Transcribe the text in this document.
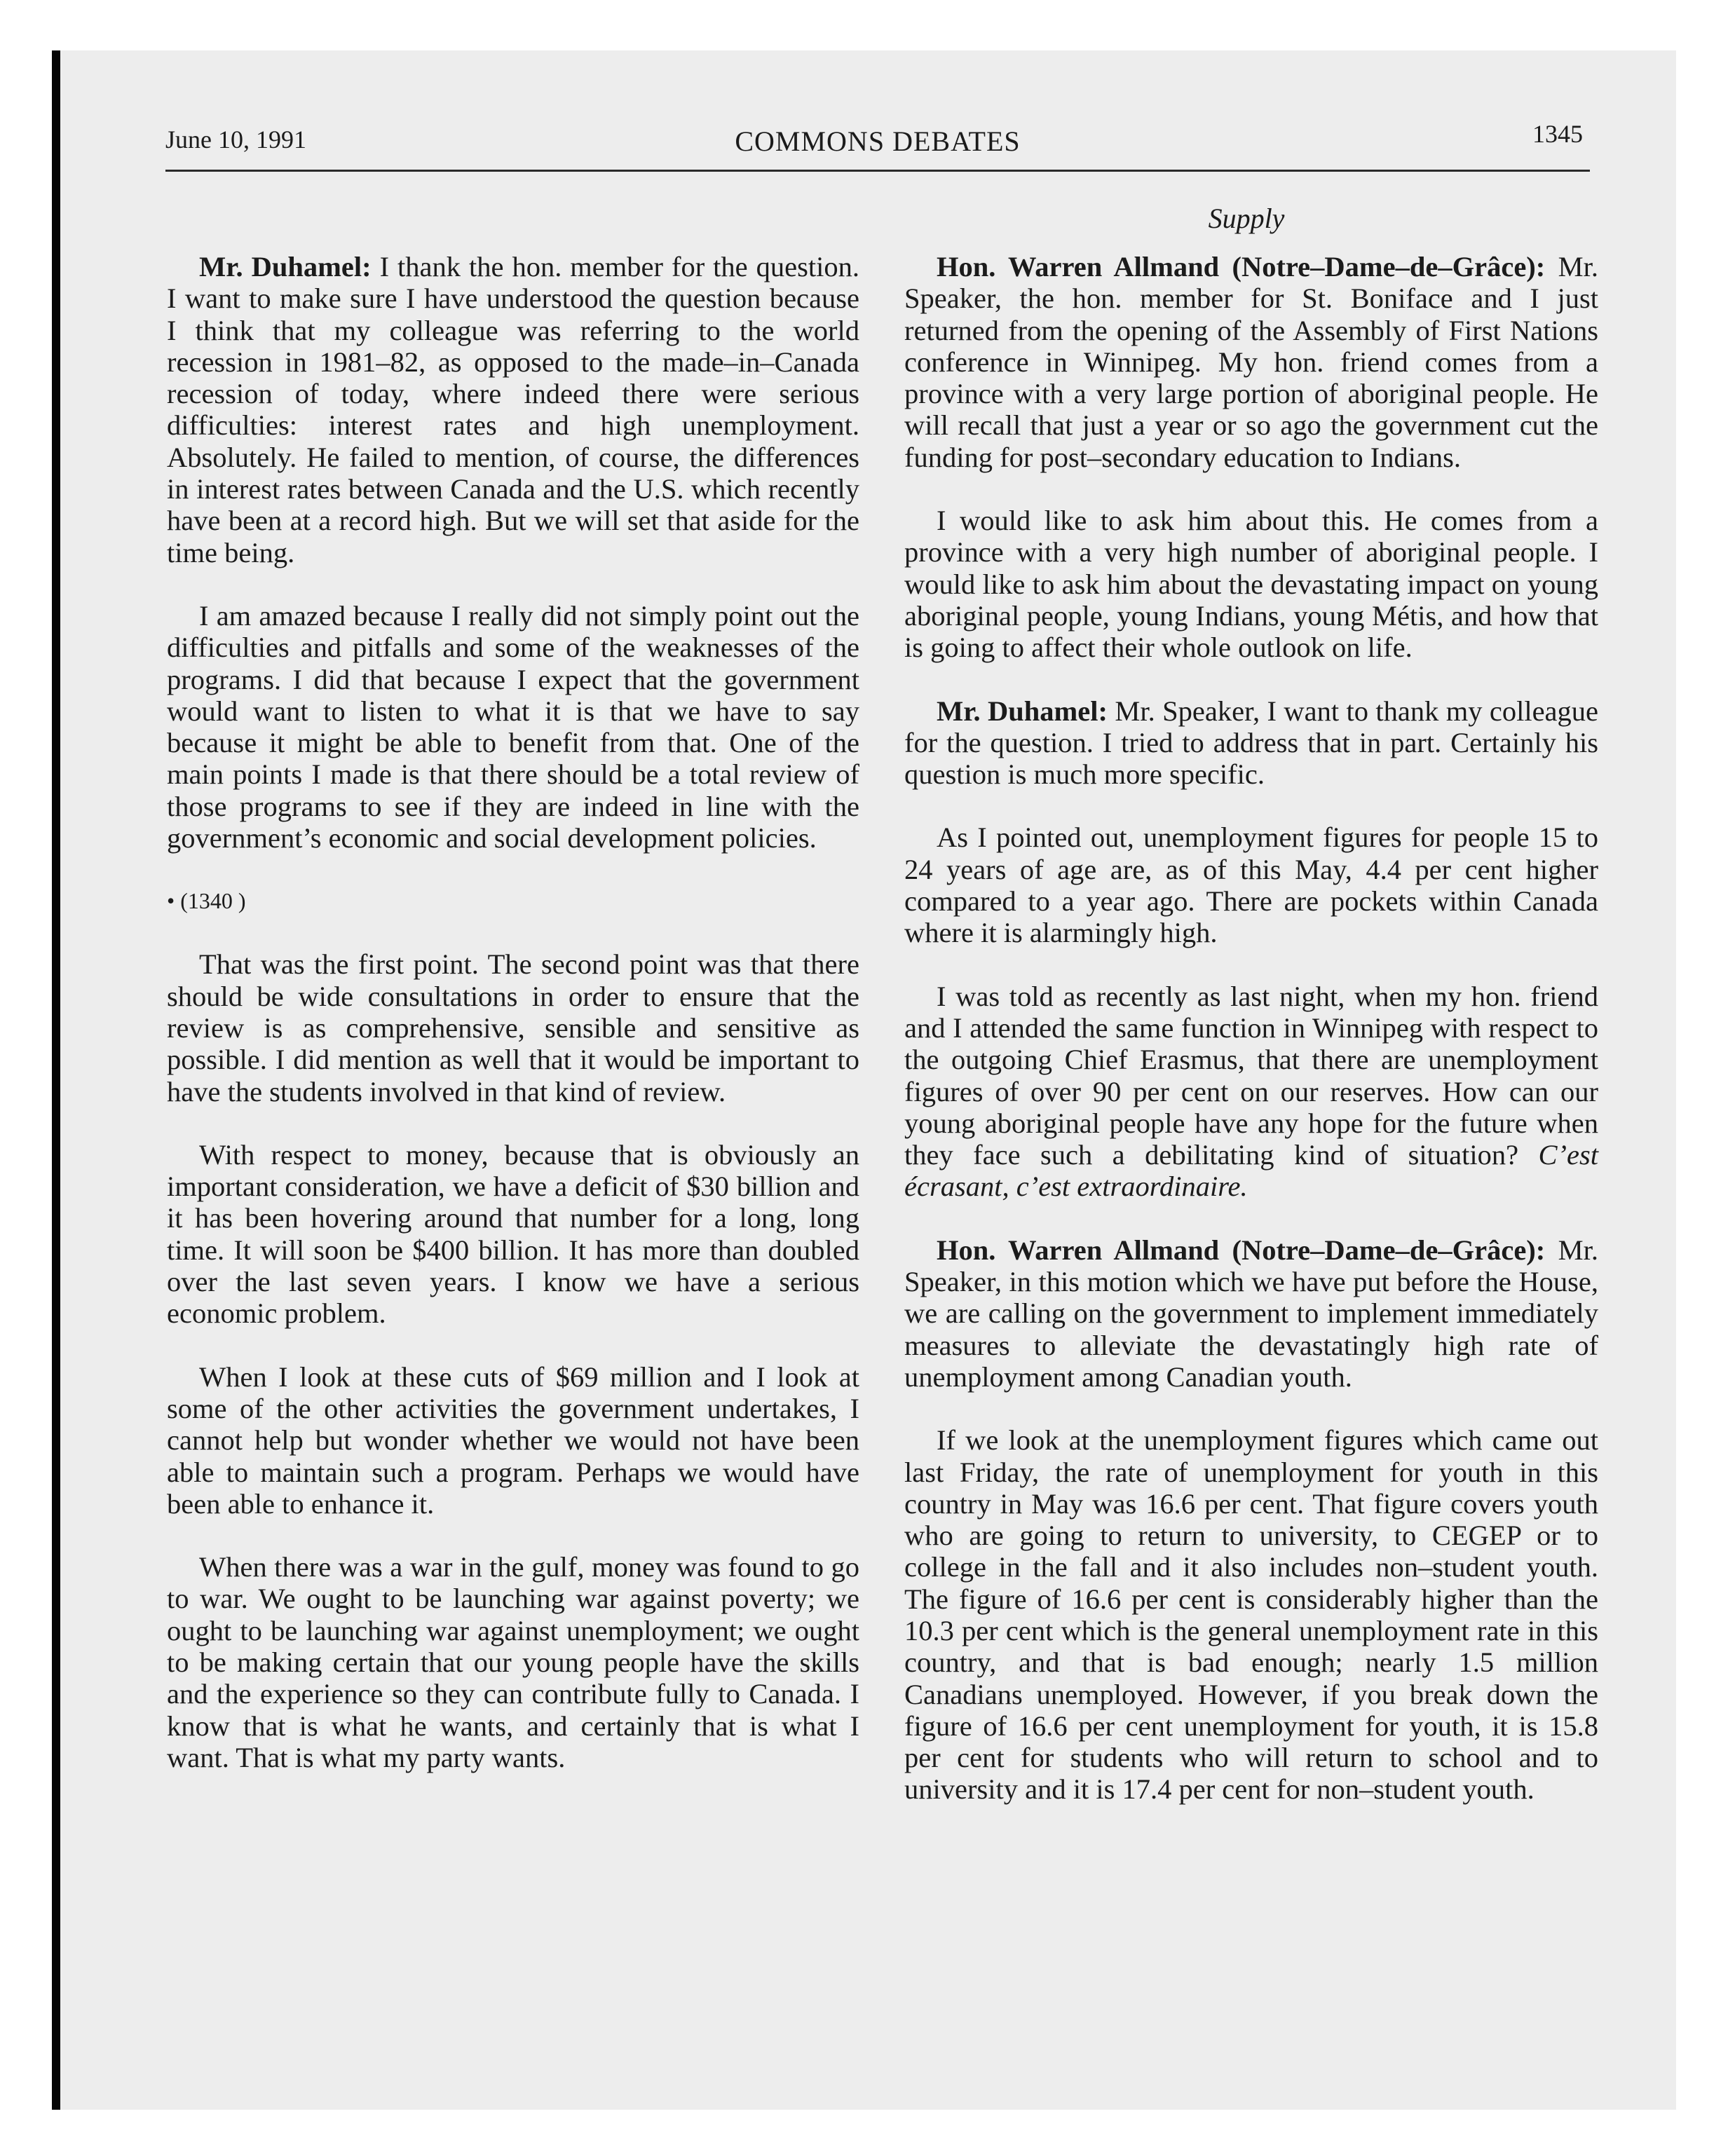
June 10, 1991	COMMONS DEBATES	1345
Supply

Mr. Duhamel: I thank the hon. member for the question. I want to make sure I have understood the question because I think that my colleague was referring to the world recession in 1981–82, as opposed to the made–in–Canada recession of today, where indeed there were serious difficulties: interest rates and high unemployment. Absolutely. He failed to mention, of course, the differences in interest rates between Canada and the U.S. which recently have been at a record high. But we will set that aside for the time being.

I am amazed because I really did not simply point out the difficulties and pitfalls and some of the weaknesses of the programs. I did that because I expect that the government would want to listen to what it is that we have to say because it might be able to benefit from that. One of the main points I made is that there should be a total review of those programs to see if they are indeed in line with the government’s economic and social development policies.

• (1340 )

That was the first point. The second point was that there should be wide consultations in order to ensure that the review is as comprehensive, sensible and sensitive as possible. I did mention as well that it would be important to have the students involved in that kind of review.

With respect to money, because that is obviously an important consideration, we have a deficit of $30 billion and it has been hovering around that number for a long, long time. It will soon be $400 billion. It has more than doubled over the last seven years. I know we have a serious economic problem.

When I look at these cuts of $69 million and I look at some of the other activities the government undertakes, I cannot help but wonder whether we would not have been able to maintain such a program. Perhaps we would have been able to enhance it.

When there was a war in the gulf, money was found to go to war. We ought to be launching war against poverty; we ought to be launching war against unemployment; we ought to be making certain that our young people have the skills and the experience so they can contribute fully to Canada. I know that is what he wants, and certainly that is what I want. That is what my party wants.

Hon. Warren Allmand (Notre–Dame–de–Grâce): Mr. Speaker, the hon. member for St. Boniface and I just returned from the opening of the Assembly of First Nations conference in Winnipeg. My hon. friend comes from a province with a very large portion of aboriginal people. He will recall that just a year or so ago the government cut the funding for post–secondary education to Indians.

I would like to ask him about this. He comes from a province with a very high number of aboriginal people. I would like to ask him about the devastating impact on young aboriginal people, young Indians, young Métis, and how that is going to affect their whole outlook on life.

Mr. Duhamel: Mr. Speaker, I want to thank my colleague for the question. I tried to address that in part. Certainly his question is much more specific.

As I pointed out, unemployment figures for people 15 to 24 years of age are, as of this May, 4.4 per cent higher compared to a year ago. There are pockets within Canada where it is alarmingly high.

I was told as recently as last night, when my hon. friend and I attended the same function in Winnipeg with respect to the outgoing Chief Erasmus, that there are unemployment figures of over 90 per cent on our reserves. How can our young aboriginal people have any hope for the future when they face such a debilitating kind of situation? C’est écrasant, c’est extraordinaire.

Hon. Warren Allmand (Notre–Dame–de–Grâce): Mr. Speaker, in this motion which we have put before the House, we are calling on the government to implement immediately measures to alleviate the devastatingly high rate of unemployment among Canadian youth.

If we look at the unemployment figures which came out last Friday, the rate of unemployment for youth in this country in May was 16.6 per cent. That figure covers youth who are going to return to university, to CEGEP or to college in the fall and it also includes non–student youth. The figure of 16.6 per cent is considerably higher than the 10.3 per cent which is the general unemployment rate in this country, and that is bad enough; nearly 1.5 million Canadians unemployed. However, if you break down the figure of 16.6 per cent unemployment for youth, it is 15.8 per cent for students who will return to school and to university and it is 17.4 per cent for non–student youth.
